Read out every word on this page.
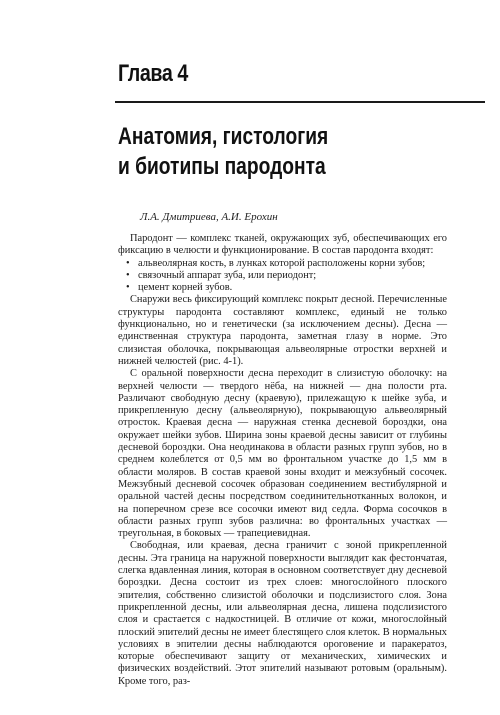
Глава 4
Анатомия, гистология
и биотипы пародонта
Л.А. Дмитриева, А.И. Ерохин

Пародонт — комплекс тканей, окружающих зуб, обеспечивающих его фиксацию в челюсти и функционирование. В состав пародонта входят:

• альвеолярная кость, в лунках которой расположены корни зубов;
• связочный аппарат зуба, или периодонт;
• цемент корней зубов.

Снаружи весь фиксирующий комплекс покрыт десной. Перечисленные структуры пародонта составляют комплекс, единый не только функционально, но и генетически (за исключением десны). Десна — единственная структура пародонта, заметная глазу в норме. Это слизистая оболочка, покрывающая альвеолярные отростки верхней и нижней челюстей (рис. 4-1).

С оральной поверхности десна переходит в слизистую оболочку: на верхней челюсти — твердого нёба, на нижней — дна полости рта. Различают свободную десну (краевую), прилежащую к шейке зуба, и прикрепленную десну (альвеолярную), покрывающую альвеолярный отросток. Краевая десна — наружная стенка десневой бороздки, она окружает шейки зубов. Ширина зоны краевой десны зависит от глубины десневой бороздки. Она неодинакова в области разных групп зубов, но в среднем колеблется от 0,5 мм во фронтальном участке до 1,5 мм в области моляров. В состав краевой зоны входит и межзубный сосочек. Межзубный десневой сосочек образован соединением вестибулярной и оральной частей десны посредством соединительнотканных волокон, и на поперечном срезе все сосочки имеют вид седла. Форма сосочков в области разных групп зубов различна: во фронтальных участках — треугольная, в боковых — трапециевидная.

Свободная, или краевая, десна граничит с зоной прикрепленной десны. Эта граница на наружной поверхности выглядит как фестончатая, слегка вдавленная линия, которая в основном соответствует дну десневой бороздки. Десна состоит из трех слоев: многослойного плоского эпителия, собственно слизистой оболочки и подслизистого слоя. Зона прикрепленной десны, или альвеолярная десна, лишена подслизистого слоя и срастается с надкостницей. В отличие от кожи, многослойный плоский эпителий десны не имеет блестящего слоя клеток. В нормальных условиях в эпителии десны наблюдаются ороговение и паракератоз, которые обеспечивают защиту от механических, химических и физических воздействий. Этот эпителий называют ротовым (оральным). Кроме того, раз-
